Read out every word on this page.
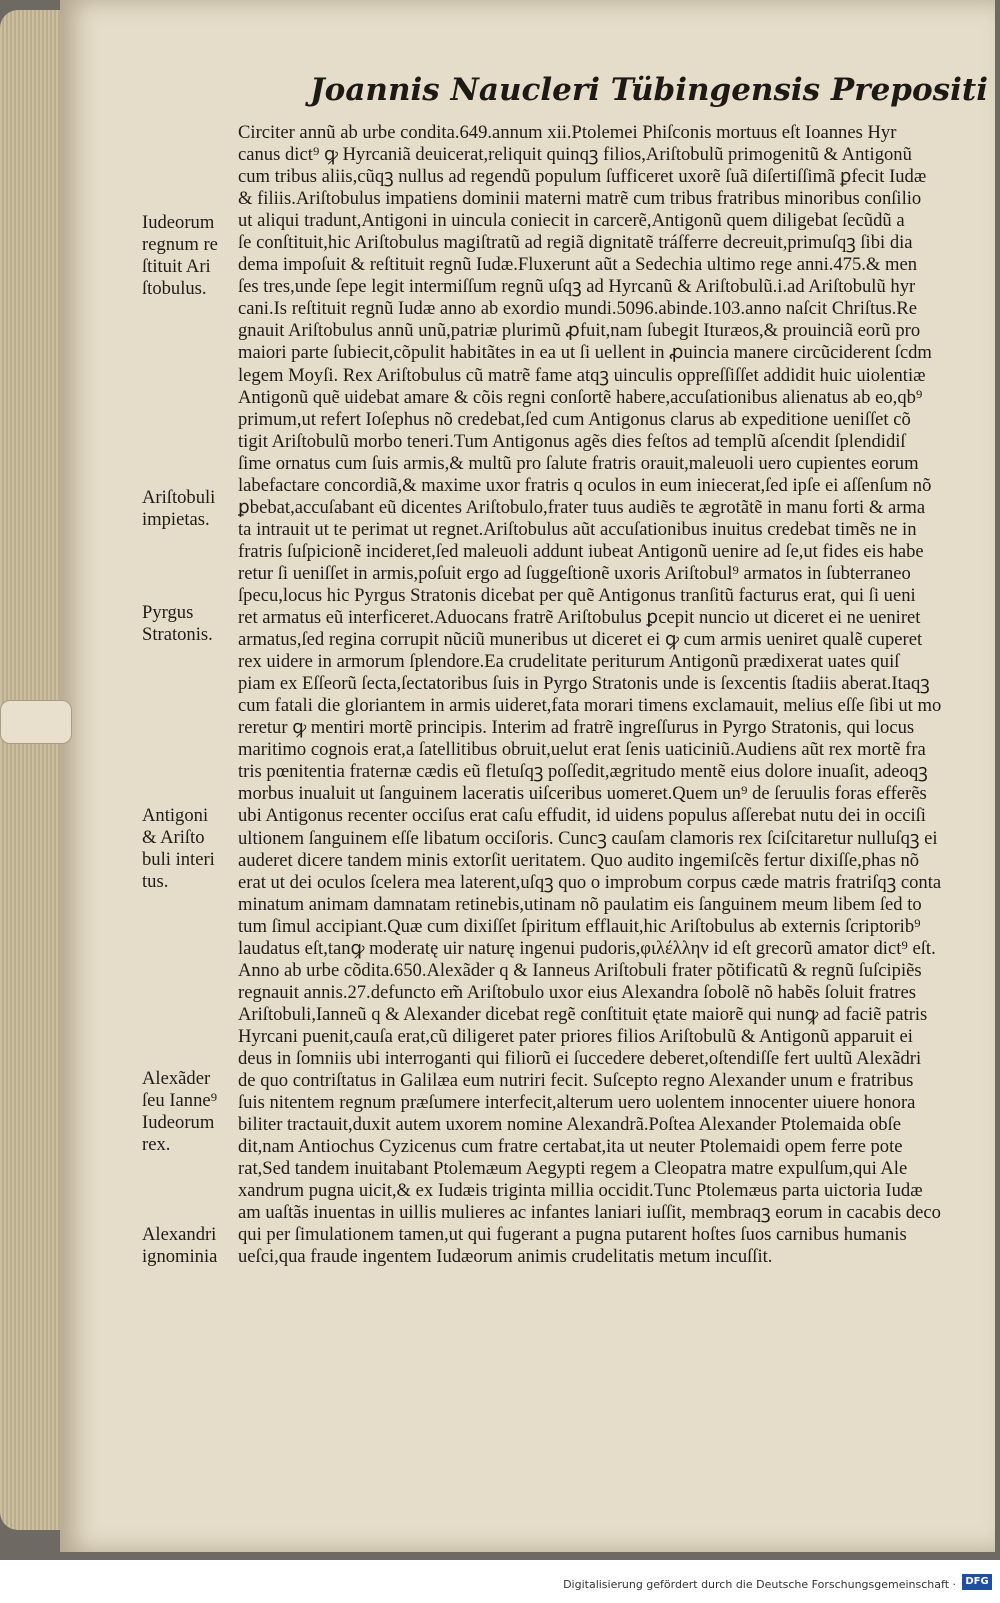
Joannis Naucleri Tübingensis Prepositi
Circiter annũ ab urbe condita.649.annum xii.Ptolemei Phiſconis mortuus eſt Ioannes Hyr
canus dict⁹ ꝙ Hyrcaniã deuicerat,reliquit quinqꝫ filios,Ariſtobulũ primogenitũ & Antigonũ
cum tribus aliis,cũqꝫ nullus ad regendũ populum ſufficeret uxorẽ ſuã diſertiſſimã ꝑfecit Iudæ
& filiis.Ariſtobulus impatiens dominii materni matrẽ cum tribus fratribus minoribus conſilio
ut aliqui tradunt,Antigoni in uincula coniecit in carcerẽ,Antigonũ quem diligebat ſecũdũ a
ſe conſtituit,hic Ariſtobulus magiſtratũ ad regiã dignitatẽ tráſferre decreuit,primuſqꝫ ſibi dia
dema impoſuit & reſtituit regnũ Iudæ.Fluxerunt aũt a Sedechia ultimo rege anni.475.& men
ſes tres,unde ſepe legit intermiſſum regnũ uſqꝫ ad Hyrcanũ & Ariſtobulũ.i.ad Ariſtobulũ hyr
cani.Is reſtituit regnũ Iudæ anno ab exordio mundi.5096.abinde.103.anno naſcit Chriſtus.Re
gnauit Ariſtobulus annũ unũ,patriæ plurimũ ꝓfuit,nam ſubegit Ituræos,& prouinciã eorũ pro
maiori parte ſubiecit,cõpulit habitãtes in ea ut ſi uellent in ꝓuincia manere circũciderent ſcdm
legem Moyſi. Rex Ariſtobulus cũ matrẽ fame atqꝫ uinculis oppreſſiſſet addidit huic uiolentiæ
Antigonũ quẽ uidebat amare & cõis regni conſortẽ habere,accuſationibus alienatus ab eo,qb⁹
primum,ut refert Ioſephus nõ credebat,ſed cum Antigonus clarus ab expeditione ueniſſet cõ
tigit Ariſtobulũ morbo teneri.Tum Antigonus agẽs dies feſtos ad templũ aſcendit ſplendidiſ
ſime ornatus cum ſuis armis,& multũ pro ſalute fratris orauit,maleuoli uero cupientes eorum
labefactare concordiã,& maxime uxor fratris q oculos in eum iniecerat,ſed ipſe ei aſſenſum nõ
ꝑbebat,accuſabant eũ dicentes Ariſtobulo,frater tuus audiẽs te ægrotãtẽ in manu forti & arma
ta intrauit ut te perimat ut regnet.Ariſtobulus aũt accuſationibus inuitus credebat timẽs ne in
fratris ſuſpicionẽ incideret,ſed maleuoli addunt iubeat Antigonũ uenire ad ſe,ut fides eis habe
retur ſi ueniſſet in armis,poſuit ergo ad ſuggeſtionẽ uxoris Ariſtobul⁹ armatos in ſubterraneo
ſpecu,locus hic Pyrgus Stratonis dicebat per quẽ Antigonus tranſitũ facturus erat, qui ſi ueni
ret armatus eũ interficeret.Aduocans fratrẽ Ariſtobulus ꝑcepit nuncio ut diceret ei ne ueniret
armatus,ſed regina corrupit nũciũ muneribus ut diceret ei ꝙ cum armis ueniret qualẽ cuperet
rex uidere in armorum ſplendore.Ea crudelitate periturum Antigonũ prædixerat uates quiſ
piam ex Eſſeorũ ſecta,ſectatoribus ſuis in Pyrgo Stratonis unde is ſexcentis ſtadiis aberat.Itaqꝫ
cum fatali die gloriantem in armis uideret,fata morari timens exclamauit, melius eſſe ſibi ut mo
reretur ꝙ mentiri mortẽ principis. Interim ad fratrẽ ingreſſurus in Pyrgo Stratonis, qui locus
maritimo cognois erat,a ſatellitibus obruit,uelut erat ſenis uaticiniũ.Audiens aũt rex mortẽ fra
tris pœnitentia fraternæ cædis eũ fletuſqꝫ poſſedit,ægritudo mentẽ eius dolore inuaſit, adeoqꝫ
morbus inualuit ut ſanguinem laceratis uiſceribus uomeret.Quem un⁹ de ſeruulis foras efferẽs
ubi Antigonus recenter occiſus erat caſu effudit, id uidens populus aſſerebat nutu dei in occiſi
ultionem ſanguinem eſſe libatum occiſoris. Cuncꝫ cauſam clamoris rex ſciſcitaretur nulluſqꝫ ei
auderet dicere tandem minis extorſit ueritatem. Quo audito ingemiſcẽs fertur dixiſſe,phas nõ
erat ut dei oculos ſcelera mea laterent,uſqꝫ quo o improbum corpus cæde matris fratriſqꝫ conta
minatum animam damnatam retinebis,utinam nõ paulatim eis ſanguinem meum libem ſed to
tum ſimul accipiant.Quæ cum dixiſſet ſpiritum efflauit,hic Ariſtobulus ab externis ſcriptorib⁹
laudatus eſt,tanꝙ moderatę uir naturę ingenui pudoris,φιλέλλην id eſt grecorũ amator dict⁹ eſt.
Anno ab urbe cõdita.650.Alexãder q & Ianneus Ariſtobuli frater põtificatũ & regnũ ſuſcipiẽs
regnauit annis.27.defuncto em̃ Ariſtobulo uxor eius Alexandra ſobolẽ nõ habẽs ſoluit fratres
Ariſtobuli,Ianneũ q & Alexander dicebat regẽ conſtituit ętate maiorẽ qui nunꝙ ad faciẽ patris
Hyrcani puenit,cauſa erat,cũ diligeret pater priores filios Ariſtobulũ & Antigonũ apparuit ei
deus in ſomniis ubi interroganti qui filiorũ ei ſuccedere deberet,oſtendiſſe fert uultũ Alexãdri
de quo contriſtatus in Galilæa eum nutriri fecit. Suſcepto regno Alexander unum e fratribus
ſuis nitentem regnum præſumere interfecit,alterum uero uolentem innocenter uiuere honora
biliter tractauit,duxit autem uxorem nomine Alexandrã.Poſtea Alexander Ptolemaida obſe
dit,nam Antiochus Cyzicenus cum fratre certabat,ita ut neuter Ptolemaidi opem ferre pote
rat,Sed tandem inuitabant Ptolemæum Aegypti regem a Cleopatra matre expulſum,qui Ale
xandrum pugna uicit,& ex Iudæis triginta millia occidit.Tunc Ptolemæus parta uictoria Iudæ
am uaſtãs inuentas in uillis mulieres ac infantes laniari iuſſit, membraqꝫ eorum in cacabis deco
qui per ſimulationem tamen,ut qui fugerant a pugna putarent hoſtes ſuos carnibus humanis
ueſci,qua fraude ingentem Iudæorum animis crudelitatis metum incuſſit.
Iudeorum
regnum re
ſtituit Ari
ſtobulus.
Ariſtobuli
impietas.
Pyrgus
Stratonis.
Antigoni
& Ariſto
buli interi
tus.
Alexãder
ſeu Ianne⁹
Iudeorum
rex.
Alexandri
ignominia
Digitalisierung gefördert durch die Deutsche Forschungsgemeinschaft · DFG
